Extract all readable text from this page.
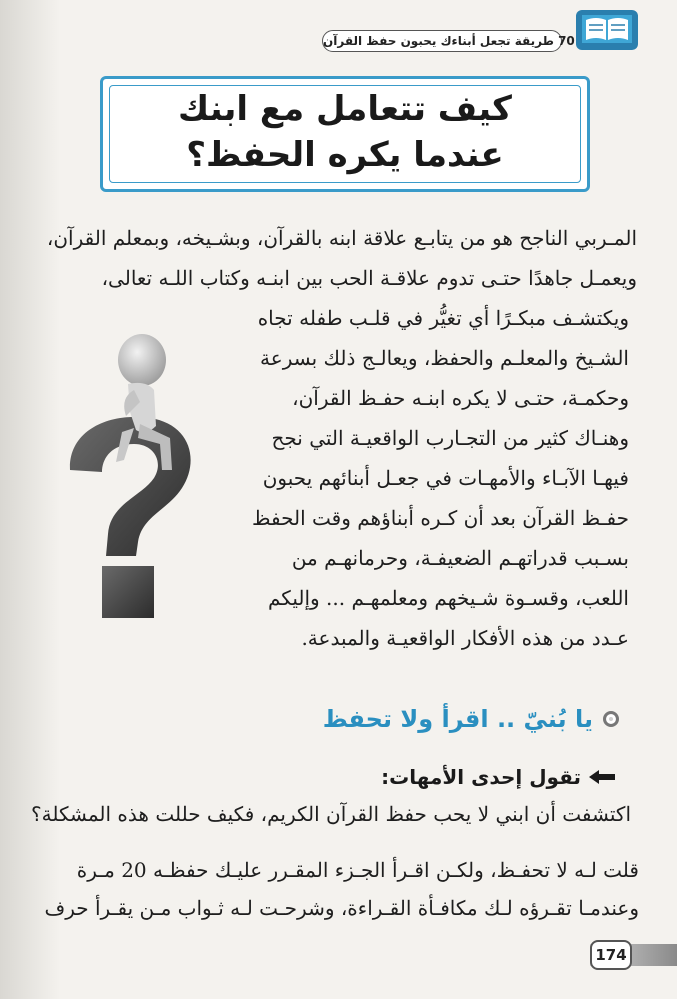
70 طريقة تجعل أبناءك يحبون حفظ القرآن
كيف تتعامل مع ابنك
عندما يكره الحفظ؟
المـربي الناجح هو من يتابـع علاقة ابنه بالقرآن، وبشـيخه، وبمعلم القرآن،
ويعمـل جاهدًا حتـى تدوم علاقـة الحب بين ابنـه وكتاب اللـه تعالى،
ويكتشـف مبكـرًا أي تغيُّر في قلـب طفله تجاه
الشـيخ والمعلـم والحفظ، ويعالـج ذلك بسرعة
وحكمـة، حتـى لا يكره ابنـه حفـظ القرآن،
وهنـاك كثير من التجـارب الواقعيـة التي نجح
فيهـا الآبـاء والأمهـات في جعـل أبنائهم يحبون
حفـظ القرآن بعد أن كـره أبناؤهم وقت الحفظ
بسـبب قدراتهـم الضعيفـة، وحرمانهـم من
اللعب، وقسـوة شـيخهم ومعلمهـم ... وإليكم
عـدد من هذه الأفكار الواقعيـة والمبدعة.
يا بُنيّ .. اقرأ ولا تحفظ
تقول إحدى الأمهات:
اكتشفت أن ابني لا يحب حفظ القرآن الكريم، فكيف حللت هذه المشكلة؟
قلت لـه لا تحفـظ، ولكـن اقـرأ الجـزء المقـرر عليـك حفظـه 20 مـرة
وعندمـا تقـرؤه لـك مكافـأة القـراءة، وشرحـت لـه ثـواب مـن يقـرأ حرف
174
